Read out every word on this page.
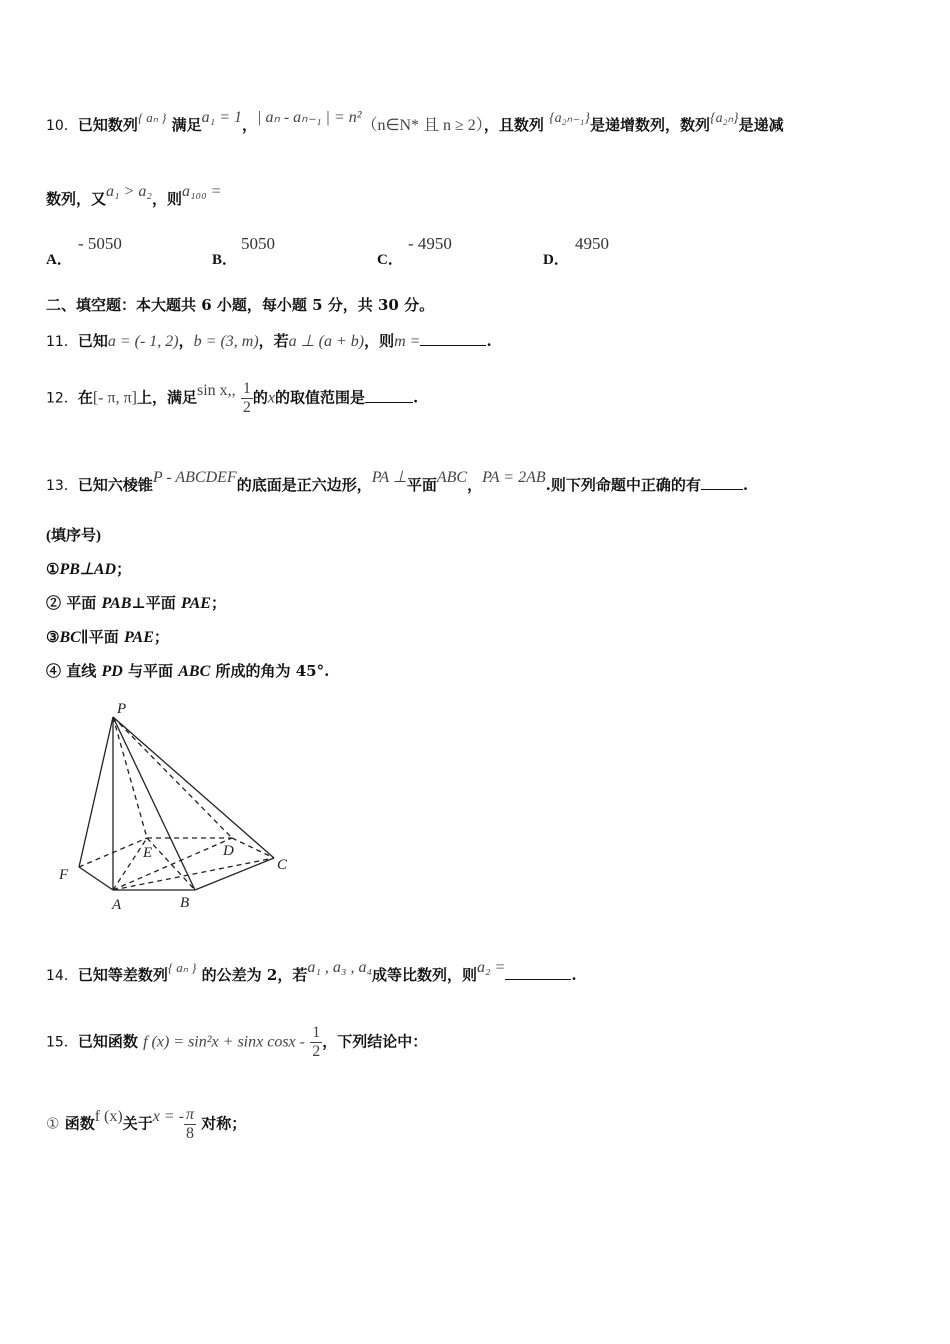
10．已知数列{ aₙ } 满足a₁ = 1，| aₙ - aₙ₋₁ | = n²（n∈N* 且 n ≥ 2），且数列 {a₂ₙ₋₁}是递增数列，数列{a₂ₙ}是递减
数列，又a₁ > a₂，则a₁₀₀ =
A．
- 5050
B．
5050
C．
- 4950
D．
4950
二、填空题：本大题共 6 小题，每小题 5 分，共 30 分。
11．已知a = (- 1, 2)，b = (3, m)，若a ⊥ (a + b)，则m =	.
12．在[- π, π]上，满足sin x,, $\frac{1}{2}$ 的x的取值范围是	.
13．已知六棱锥P - ABCDEF的底面是正六边形，PA ⊥平面ABC，PA = 2AB.则下列命题中正确的有	.
(填序号)
①PB⊥AD；
② 平面 PAB⊥平面 PAE；
③BC∥平面 PAE；
④ 直线 PD 与平面 ABC 所成的角为 45°.
P
E	D
C
F
A	B
14．已知等差数列{ aₙ } 的公差为 2，若a₁ , a₃ , a₄成等比数列，则a₂ =	.
15．已知函数 f (x) = sin²x + sinx cosx - $\frac{1}{2}$ ，下列结论中：
① 函数f (x)关于x = - $\frac{\pi}{8}$ 对称；
